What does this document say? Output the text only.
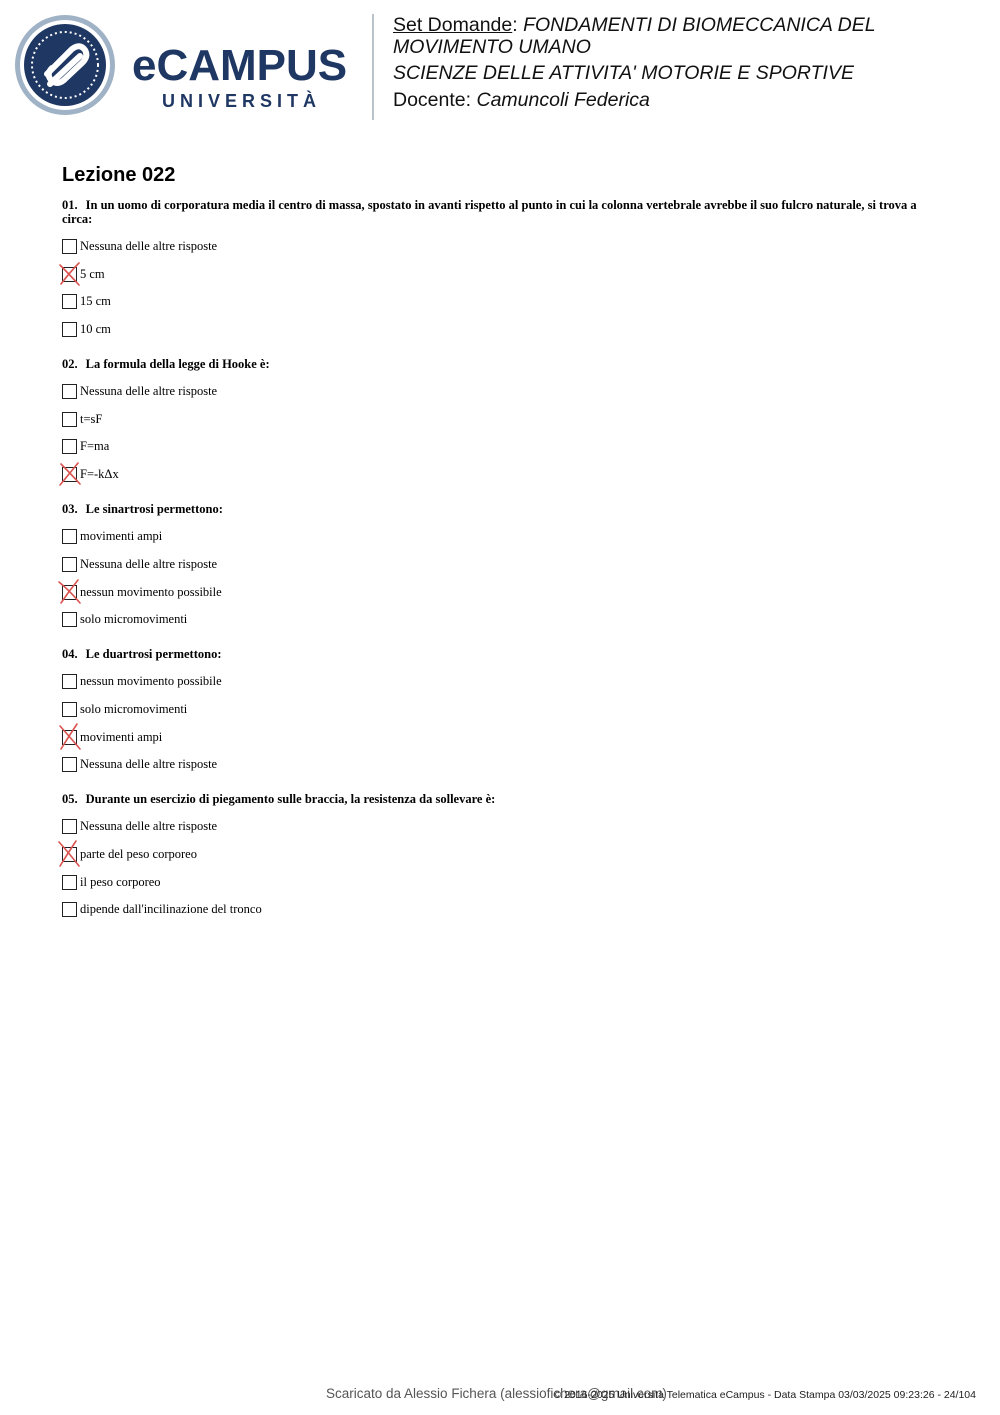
eCAMPUS
UNIVERSITÀ

Set Domande: FONDAMENTI DI BIOMECCANICA DEL MOVIMENTO UMANO

SCIENZE DELLE ATTIVITA' MOTORIE E SPORTIVE

Docente: Camuncoli Federica

Lezione 022

01. In un uomo di corporatura media il centro di massa, spostato in avanti rispetto al punto in cui la colonna vertebrale avrebbe il suo fulcro naturale, si trova a circa:

Nessuna delle altre risposte
5 cm
15 cm
10 cm

02. La formula della legge di Hooke è:

Nessuna delle altre risposte
t=sF
F=ma
F=-kΔx

03. Le sinartrosi permettono:

movimenti ampi
Nessuna delle altre risposte
nessun movimento possibile
solo micromovimenti

04. Le duartrosi permettono:

nessun movimento possibile
solo micromovimenti
movimenti ampi
Nessuna delle altre risposte

05. Durante un esercizio di piegamento sulle braccia, la resistenza da sollevare è:

Nessuna delle altre risposte
parte del peso corporeo
il peso corporeo
dipende dall'incilinazione del tronco
Scaricato da Alessio Fichera (alessiofichera@gmail.com)
© 2016-2025 Università Telematica eCampus - Data Stampa 03/03/2025 09:23:26 - 24/104
